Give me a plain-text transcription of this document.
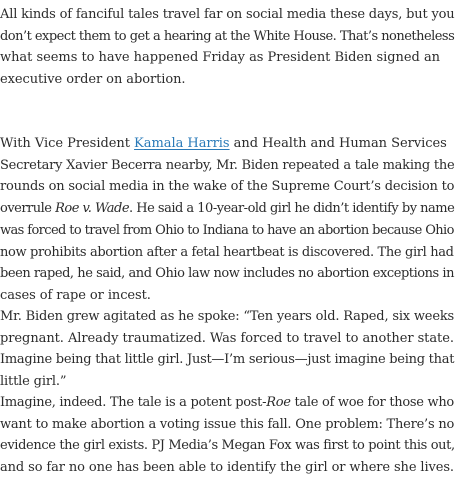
All kinds of fanciful tales travel far on social media these days, but you
don’t expect them to get a hearing at the White House. That’s nonetheless
what seems to have happened Friday as President Biden signed an
executive order on abortion.

With Vice President Kamala Harris and Health and Human Services
Secretary Xavier Becerra nearby, Mr. Biden repeated a tale making the
rounds on social media in the wake of the Supreme Court’s decision to
overrule Roe v. Wade. He said a 10-year-old girl he didn’t identify by name
was forced to travel from Ohio to Indiana to have an abortion because Ohio
now prohibits abortion after a fetal heartbeat is discovered. The girl had
been raped, he said, and Ohio law now includes no abortion exceptions in
cases of rape or incest.

Mr. Biden grew agitated as he spoke: “Ten years old. Raped, six weeks
pregnant. Already traumatized. Was forced to travel to another state.
Imagine being that little girl. Just—I’m serious—just imagine being that
little girl.”

Imagine, indeed. The tale is a potent post-Roe tale of woe for those who
want to make abortion a voting issue this fall. One problem: There’s no
evidence the girl exists. PJ Media’s Megan Fox was first to point this out,
and so far no one has been able to identify the girl or where she lives.
